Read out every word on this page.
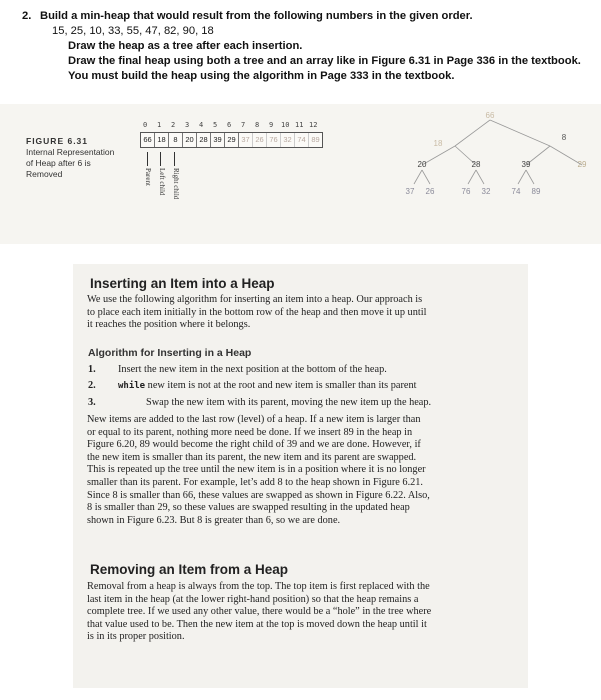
2. Build a min-heap that would result from the following numbers in the given order.
15, 25, 10, 33, 55, 47, 82, 90, 18
Draw the heap as a tree after each insertion.
Draw the final heap using both a tree and an array like in Figure 6.31 in Page 336 in the textbook.
You must build the heap using the algorithm in Page 333 in the textbook.
FIGURE 6.31
Internal Representation
of Heap after 6 is
Removed
0 1 2 3 4 5 6 7 8 9 10 11 12
66 18	8	20 28 39 29 37 26 76 32 74 89
Parent Left child Right child
66
18
8
20	28	39	29
37 26	76 32	74 89
Inserting an Item into a Heap
We use the following algorithm for inserting an item into a heap. Our approach is
to place each item initially in the bottom row of the heap and then move it up until
it reaches the position where it belongs.
Algorithm for Inserting in a Heap
1. Insert the new item in the next position at the bottom of the heap.
2. while new item is not at the root and new item is smaller than its parent
3.	Swap the new item with its parent, moving the new item up the heap.
New items are added to the last row (level) of a heap. If a new item is larger than
or equal to its parent, nothing more need be done. If we insert 89 in the heap in
Figure 6.20, 89 would become the right child of 39 and we are done. However, if
the new item is smaller than its parent, the new item and its parent are swapped.
This is repeated up the tree until the new item is in a position where it is no longer
smaller than its parent. For example, let’s add 8 to the heap shown in Figure 6.21.
Since 8 is smaller than 66, these values are swapped as shown in Figure 6.22. Also,
8 is smaller than 29, so these values are swapped resulting in the updated heap
shown in Figure 6.23. But 8 is greater than 6, so we are done.
Removing an Item from a Heap
Removal from a heap is always from the top. The top item is first replaced with the
last item in the heap (at the lower right-hand position) so that the heap remains a
complete tree. If we used any other value, there would be a “hole” in the tree where
that value used to be. Then the new item at the top is moved down the heap until it
is in its proper position.
